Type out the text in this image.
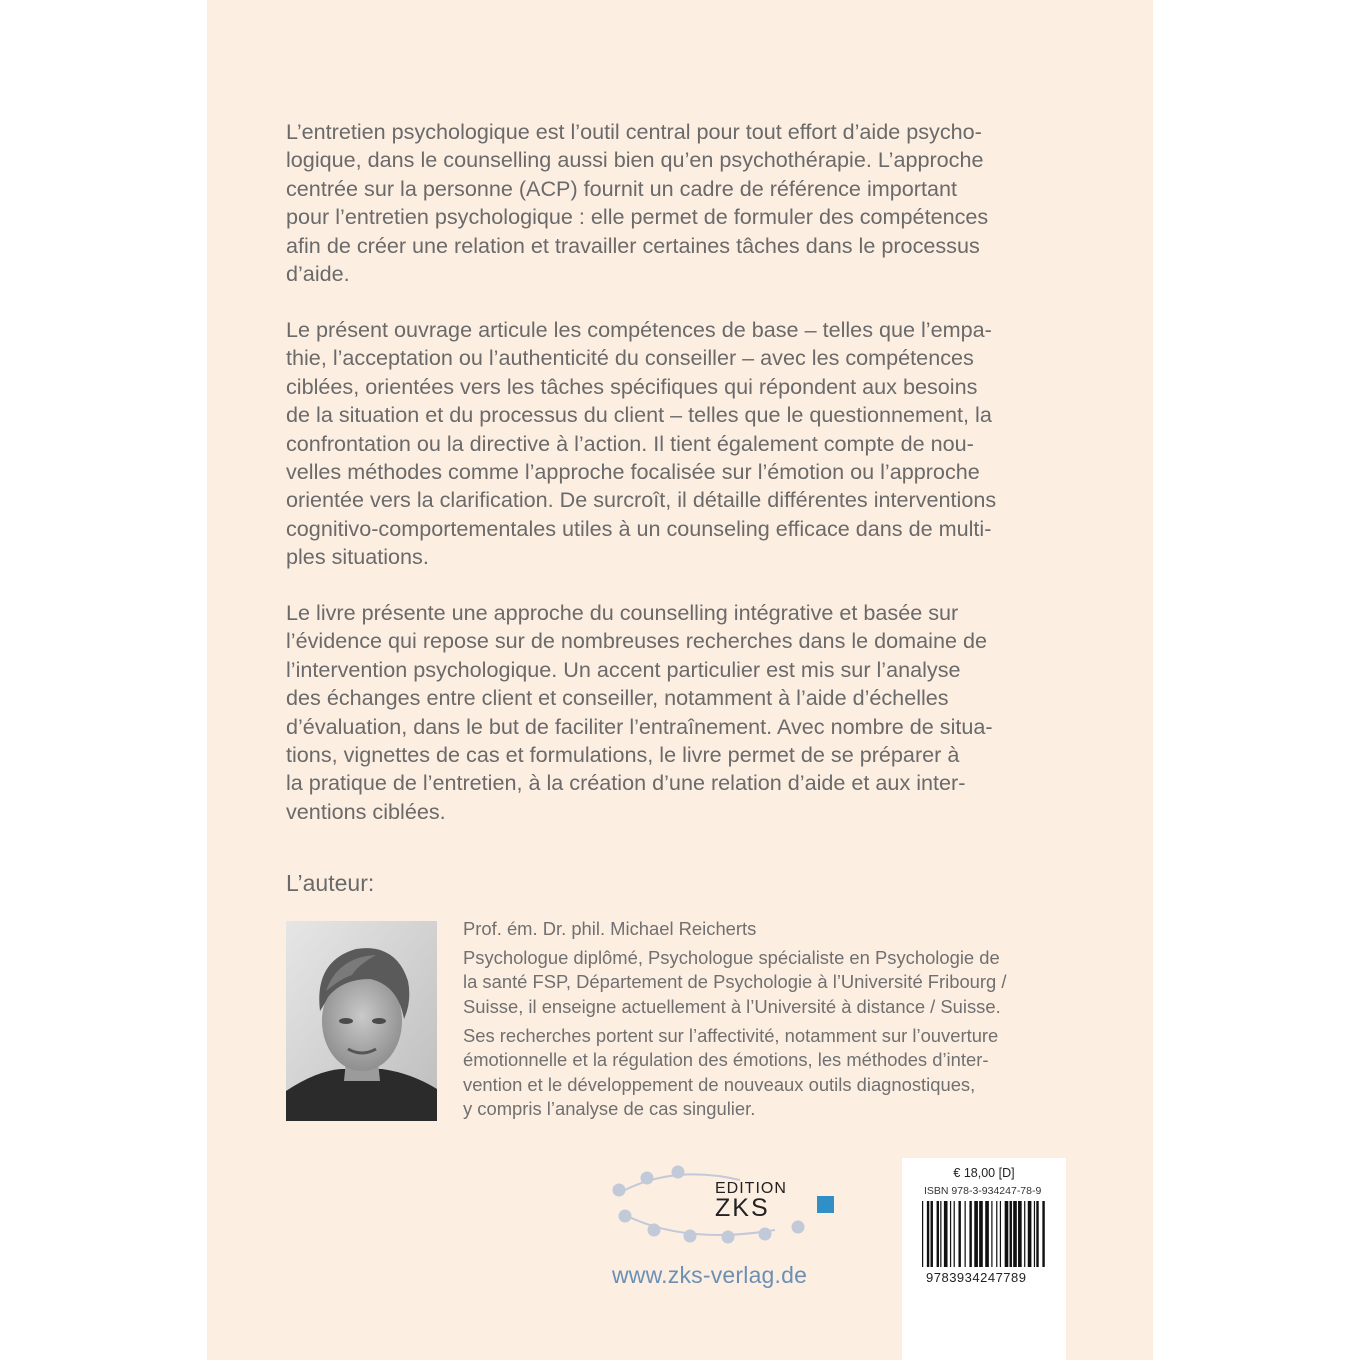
L’entretien psychologique est l’outil central pour tout effort d’aide psycho-
logique, dans le counselling aussi bien qu’en psychothérapie. L’approche
centrée sur la personne (ACP) fournit un cadre de référence important
pour l’entretien psychologique : elle permet de formuler des compétences
afin de créer une relation et travailler certaines tâches dans le processus
d’aide.
Le présent ouvrage articule les compétences de base – telles que l’empa-
thie, l’acceptation ou l’authenticité du conseiller – avec les compétences
ciblées, orientées vers les tâches spécifiques qui répondent aux besoins
de la situation et du processus du client – telles que le questionnement, la
confrontation ou la directive à l’action. Il tient également compte de nou-
velles méthodes comme l’approche focalisée sur l’émotion ou l’approche
orientée vers la clarification. De surcroît, il détaille différentes interventions
cognitivo-comportementales utiles à un counseling efficace dans de multi-
ples situations.
Le livre présente une approche du counselling intégrative et basée sur
l’évidence qui repose sur de nombreuses recherches dans le domaine de
l’intervention psychologique. Un accent particulier est mis sur l’analyse
des échanges entre client et conseiller, notamment à l’aide d’échelles
d’évaluation, dans le but de faciliter l’entraînement. Avec nombre de situa-
tions, vignettes de cas et formulations, le livre permet de se préparer à
la pratique de l’entretien, à la création d’une relation d’aide et aux inter-
ventions ciblées.
L’auteur:
Prof. ém. Dr. phil. Michael Reicherts
Psychologue diplômé, Psychologue spécialiste en Psychologie de
la santé FSP, Département de Psychologie à l’Université Fribourg /
Suisse, il enseigne actuellement à l’Université à distance / Suisse.
Ses recherches portent sur l’affectivité, notamment sur l’ouverture
émotionnelle et la régulation des émotions, les méthodes d’inter-
vention et le développement de nouveaux outils diagnostiques,
y compris l’analyse de cas singulier.
EDITION
ZKS
www.zks-verlag.de
€ 18,00 [D]
ISBN 978-3-934247-78-9
9783934247789
